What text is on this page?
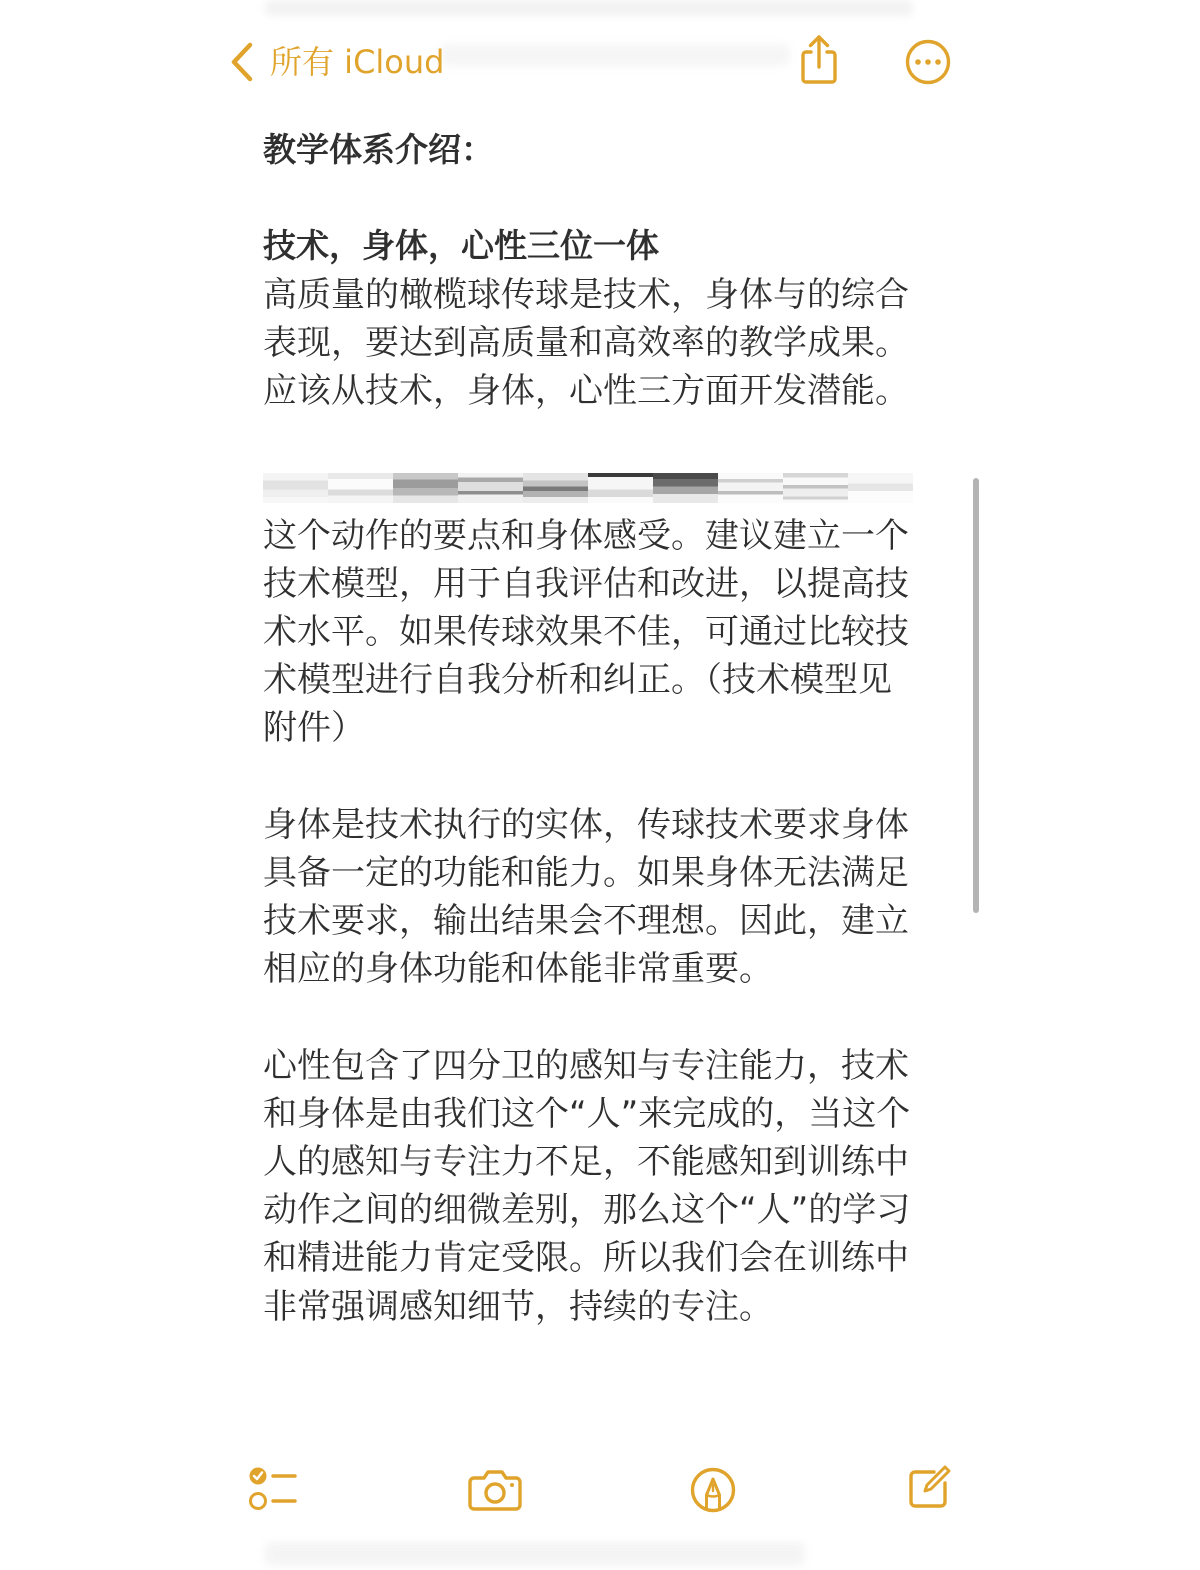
所有 iCloud
教学体系介绍：
技术，身体，心性三位一体
高质量的橄榄球传球是技术，身体与的综合
表现，要达到高质量和高效率的教学成果。
应该从技术，身体，心性三方面开发潜能。
这个动作的要点和身体感受。建议建立一个
技术模型，用于自我评估和改进，以提高技
术水平。如果传球效果不佳，可通过比较技
术模型进行自我分析和纠正。（技术模型见
附件）
身体是技术执行的实体，传球技术要求身体
具备一定的功能和能力。如果身体无法满足
技术要求，输出结果会不理想。因此，建立
相应的身体功能和体能非常重要。
心性包含了四分卫的感知与专注能力，技术
和身体是由我们这个“人”来完成的，当这个
人的感知与专注力不足，不能感知到训练中
动作之间的细微差别，那么这个“人”的学习
和精进能力肯定受限。所以我们会在训练中
非常强调感知细节，持续的专注。
